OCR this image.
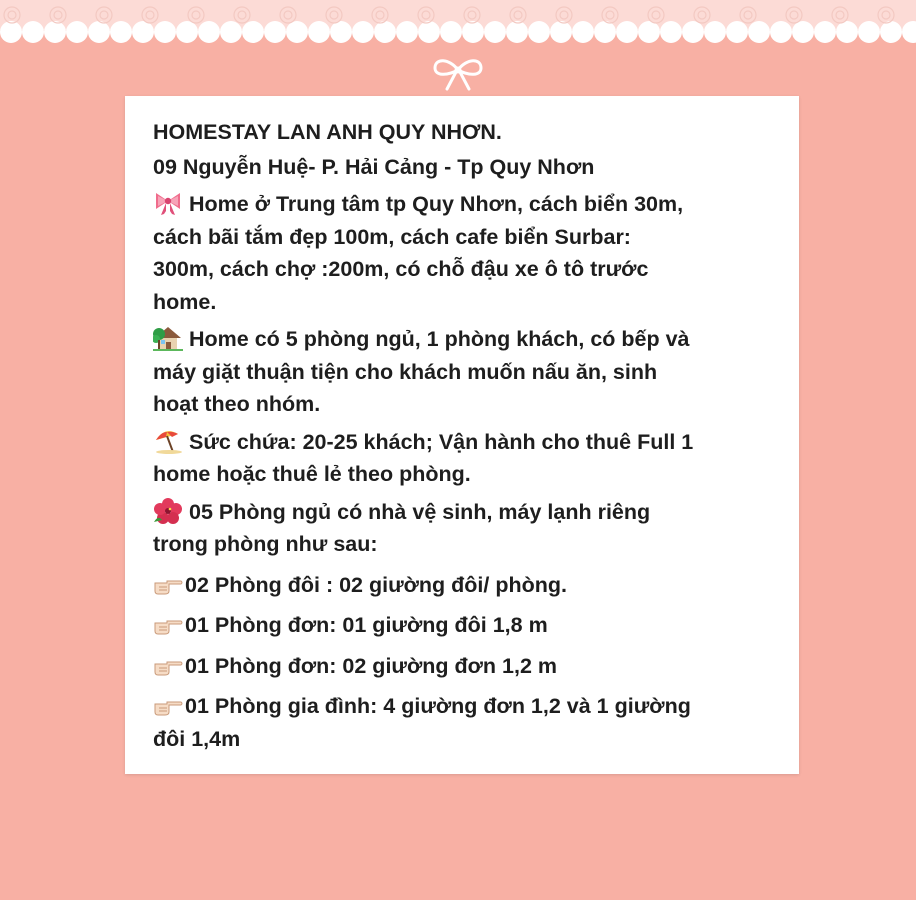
HOMESTAY LAN ANH QUY NHƠN.
09 Nguyễn Huệ- P. Hải Cảng - Tp Quy Nhơn
Home ở Trung tâm tp Quy Nhơn, cách biển 30m,
cách bãi tắm đẹp 100m, cách cafe biển Surbar:
300m, cách chợ :200m, có chỗ đậu xe ô tô trước
home.
Home có 5 phòng ngủ, 1 phòng khách, có bếp và
máy giặt thuận tiện cho khách muốn nấu ăn, sinh
hoạt theo nhóm.
Sức chứa: 20-25 khách; Vận hành cho thuê Full 1
home hoặc thuê lẻ theo phòng.
05 Phòng ngủ có nhà vệ sinh, máy lạnh riêng
trong phòng như sau:
02 Phòng đôi : 02 giường đôi/ phòng.
01 Phòng đơn: 01 giường đôi 1,8 m
01 Phòng đơn: 02 giường đơn 1,2 m
01 Phòng gia đình: 4 giường đơn 1,2 và 1 giường
đôi 1,4m
